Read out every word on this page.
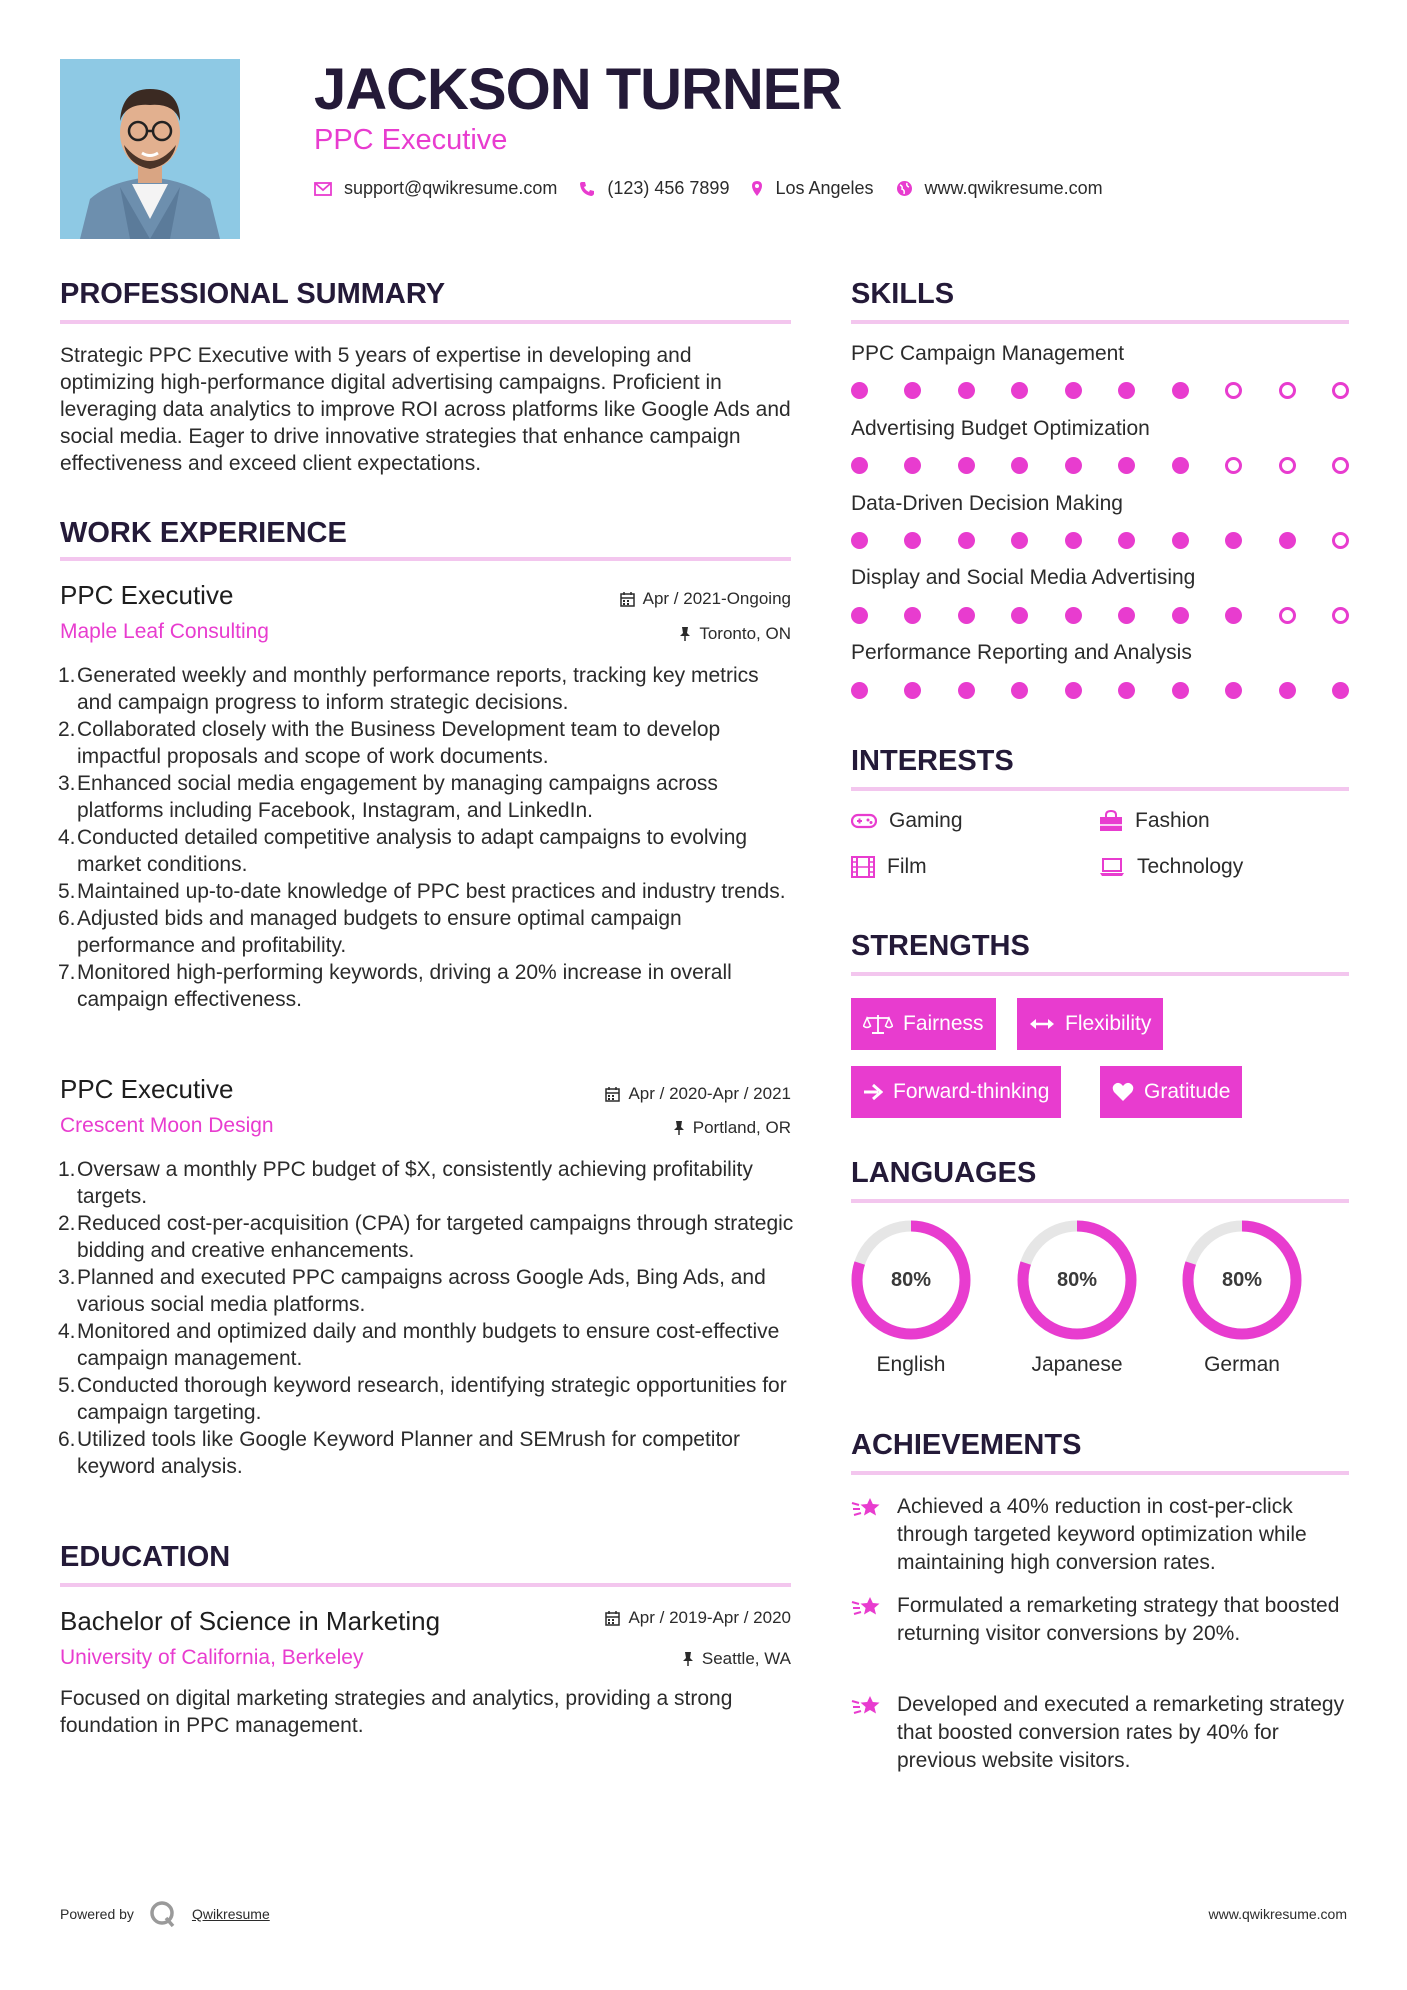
JACKSON TURNER
PPC Executive
support@qwikresume.com	(123) 456 7899	Los Angeles	www.qwikresume.com
PROFESSIONAL SUMMARY
Strategic PPC Executive with 5 years of expertise in developing and optimizing high-performance digital advertising campaigns. Proficient in leveraging data analytics to improve ROI across platforms like Google Ads and social media. Eager to drive innovative strategies that enhance campaign effectiveness and exceed client expectations.
WORK EXPERIENCE
PPC Executive	Apr / 2021-Ongoing
Maple Leaf Consulting	Toronto, ON
1. Generated weekly and monthly performance reports, tracking key metrics and campaign progress to inform strategic decisions.
2. Collaborated closely with the Business Development team to develop impactful proposals and scope of work documents.
3. Enhanced social media engagement by managing campaigns across platforms including Facebook, Instagram, and LinkedIn.
4. Conducted detailed competitive analysis to adapt campaigns to evolving market conditions.
5. Maintained up-to-date knowledge of PPC best practices and industry trends.
6. Adjusted bids and managed budgets to ensure optimal campaign performance and profitability.
7. Monitored high-performing keywords, driving a 20% increase in overall campaign effectiveness.
PPC Executive	Apr / 2020-Apr / 2021
Crescent Moon Design	Portland, OR
1. Oversaw a monthly PPC budget of $X, consistently achieving profitability targets.
2. Reduced cost-per-acquisition (CPA) for targeted campaigns through strategic bidding and creative enhancements.
3. Planned and executed PPC campaigns across Google Ads, Bing Ads, and various social media platforms.
4. Monitored and optimized daily and monthly budgets to ensure cost-effective campaign management.
5. Conducted thorough keyword research, identifying strategic opportunities for campaign targeting.
6. Utilized tools like Google Keyword Planner and SEMrush for competitor keyword analysis.
EDUCATION
Bachelor of Science in Marketing	Apr / 2019-Apr / 2020
University of California, Berkeley	Seattle, WA
Focused on digital marketing strategies and analytics, providing a strong foundation in PPC management.
SKILLS
PPC Campaign Management
Advertising Budget Optimization
Data-Driven Decision Making
Display and Social Media Advertising
Performance Reporting and Analysis
INTERESTS
Gaming	Fashion
Film	Technology
STRENGTHS
Fairness	Flexibility
Forward-thinking	Gratitude
LANGUAGES
80%
English
80%
Japanese
80%
German
ACHIEVEMENTS
Achieved a 40% reduction in cost-per-click through targeted keyword optimization while maintaining high conversion rates.
Formulated a remarketing strategy that boosted returning visitor conversions by 20%.
Developed and executed a remarketing strategy that boosted conversion rates by 40% for previous website visitors.
Powered by	Qwikresume	www.qwikresume.com
